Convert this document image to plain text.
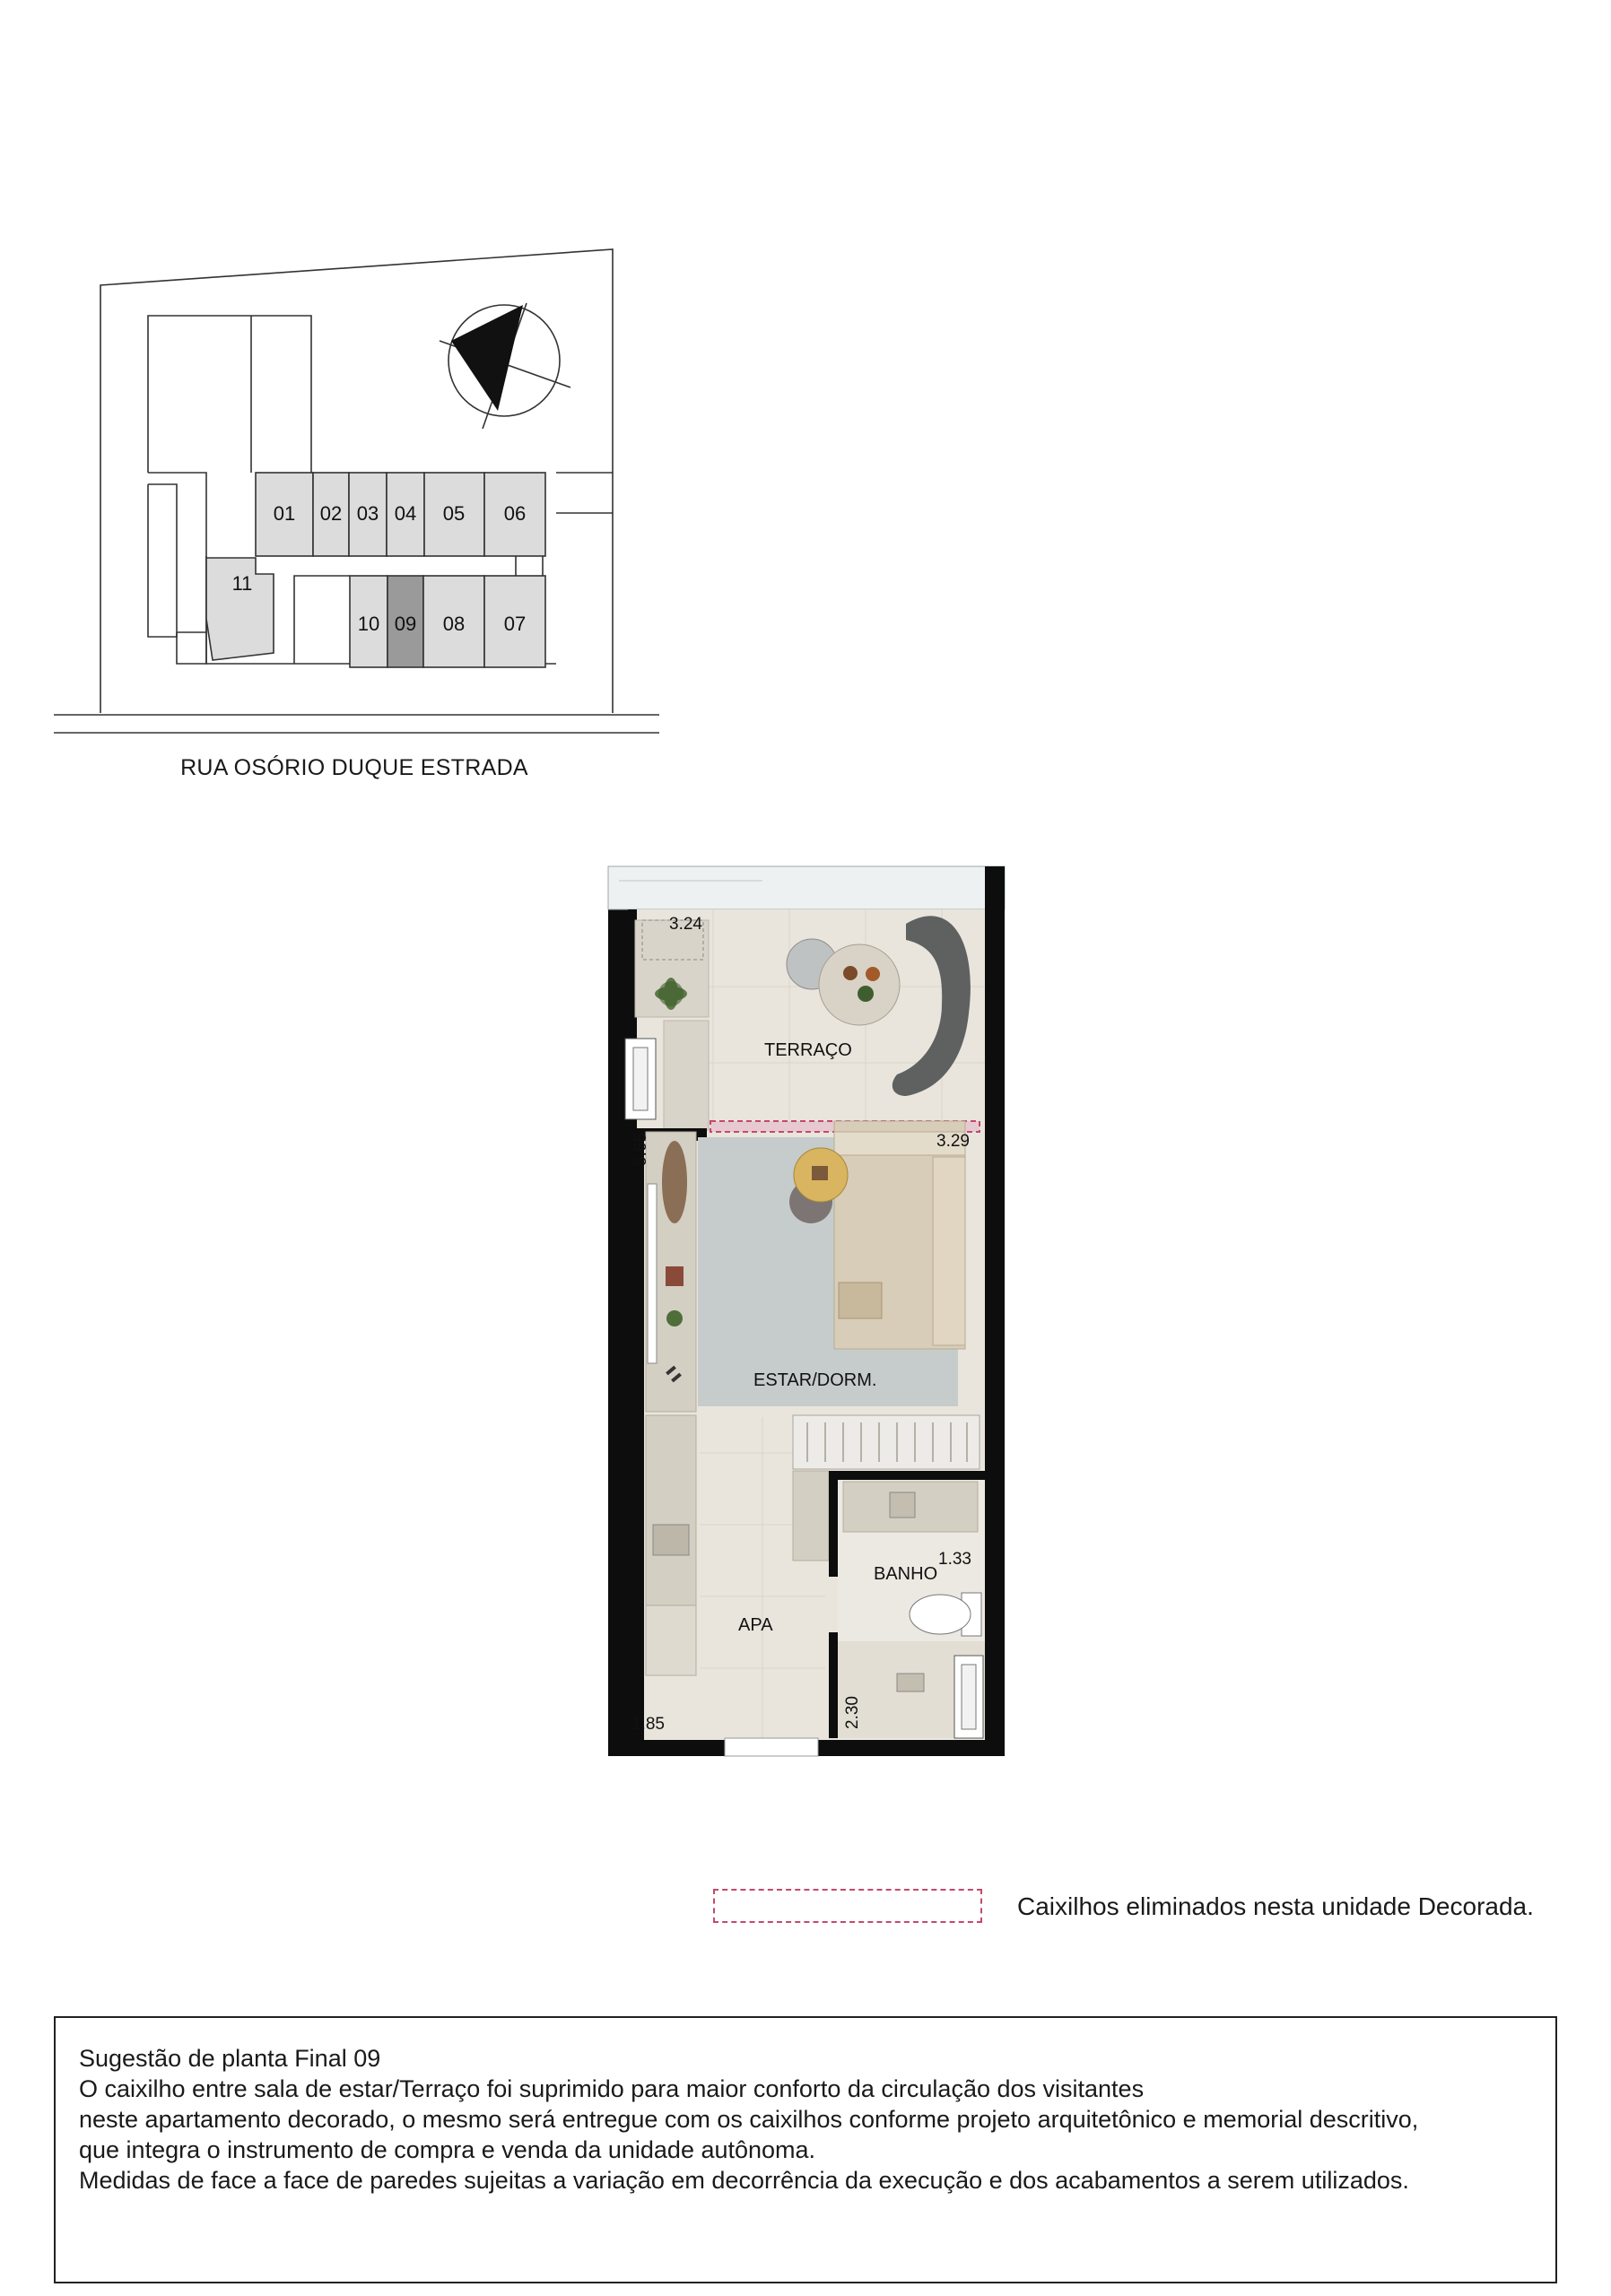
01 02 03 04 05 06
11
10 09 08 07
TERRAÇO
ESTAR/DORM.
BANHO
APA
3.24
3.29
5.65
1.33
1.85	2.30
RUA OSÓRIO DUQUE ESTRADA
Caixilhos eliminados nesta unidade Decorada.
Sugestão de planta Final 09
O caixilho entre sala de estar/Terraço foi suprimido para maior conforto da circulação dos visitantes
neste apartamento decorado, o mesmo será entregue com os caixilhos conforme projeto arquitetônico e memorial descritivo,
que integra o instrumento de compra e venda da unidade autônoma.
Medidas de face a face de paredes sujeitas a variação em decorrência da execução e dos acabamentos a serem utilizados.
